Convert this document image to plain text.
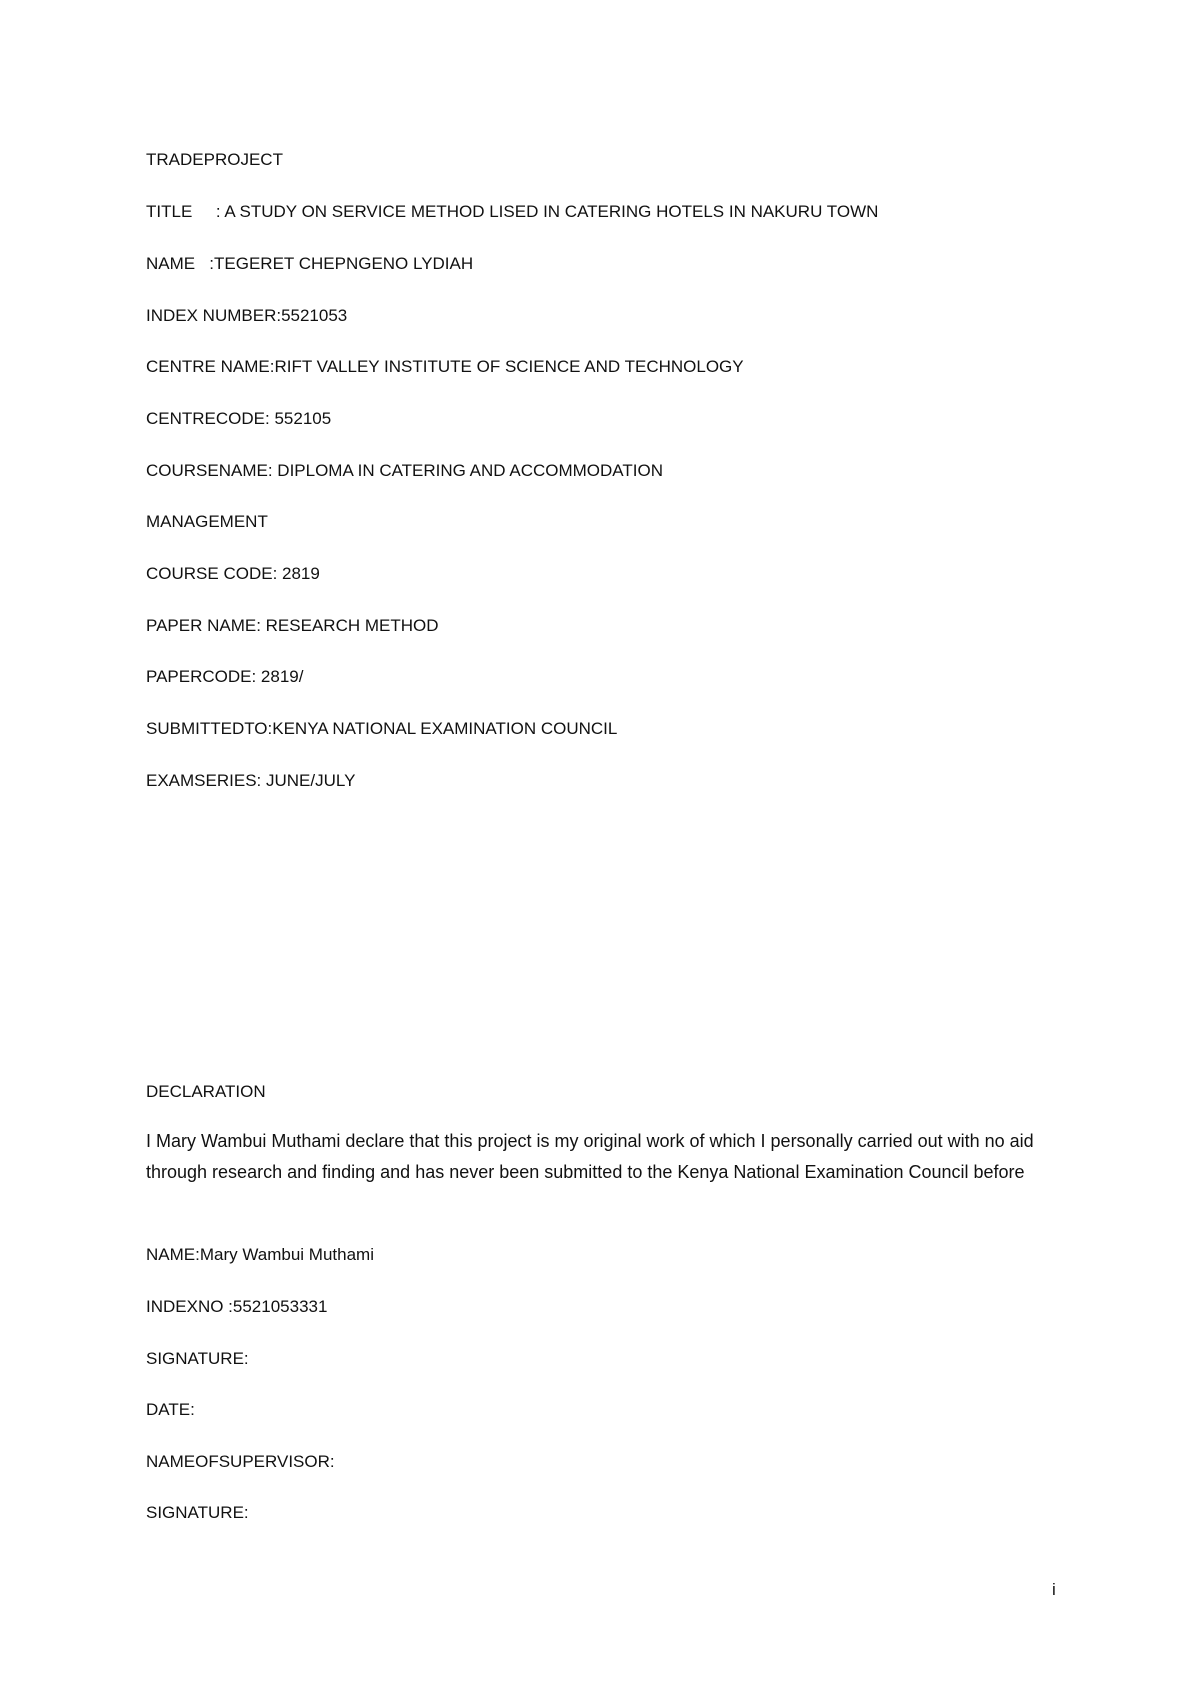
TRADEPROJECT
TITLE     : A STUDY ON SERVICE METHOD LISED IN CATERING HOTELS IN NAKURU TOWN
NAME   :TEGERET CHEPNGENO LYDIAH
INDEX NUMBER:5521053
CENTRE NAME:RIFT VALLEY INSTITUTE OF SCIENCE AND TECHNOLOGY
CENTRECODE: 552105
COURSENAME: DIPLOMA IN CATERING AND ACCOMMODATION
MANAGEMENT
COURSE CODE: 2819
PAPER NAME: RESEARCH METHOD
PAPERCODE: 2819/
SUBMITTEDTO:KENYA NATIONAL EXAMINATION COUNCIL
EXAMSERIES: JUNE/JULY
DECLARATION
I Mary Wambui Muthami declare that this project is my original work of which I personally carried out with no aid through research and finding and has never been submitted to the Kenya National Examination Council before
NAME:Mary Wambui Muthami
INDEXNO :5521053331
SIGNATURE:
DATE:
NAMEOFSUPERVISOR:
SIGNATURE:
i
